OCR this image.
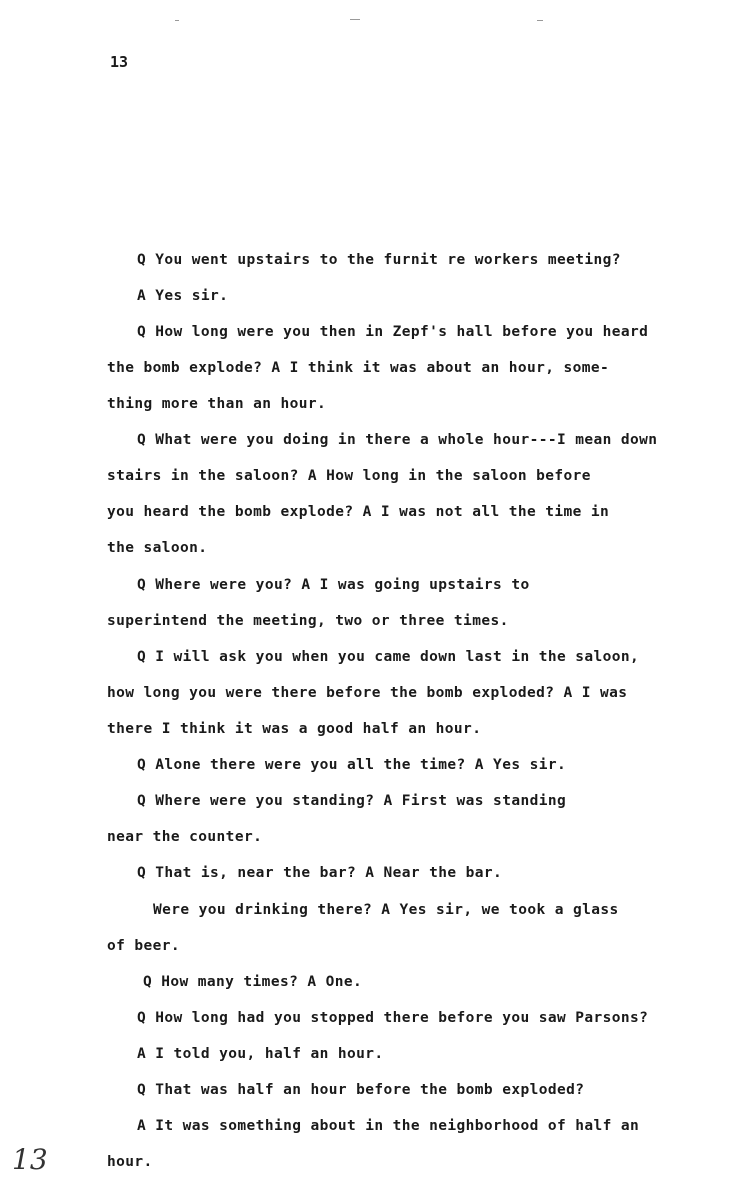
13
Q You went upstairs to the furnit re workers meeting?
A Yes sir.
Q How long were you then in Zepf's hall before you heard
the bomb explode? A I think it was about an hour, some-
thing more than an hour.
Q What were you doing in there a whole hour---I mean down
stairs in the saloon? A How long in the saloon before
you heard the bomb explode? A I was not all the time in
the saloon.
Q Where were you? A I was going upstairs to
superintend the meeting, two or three times.
Q I will ask you when you came down last in the saloon,
how long you were there before the bomb exploded? A I was
there I think it was a good half an hour.
Q Alone there were you all the time? A Yes sir.
Q Where were you standing? A First was standing
near the counter.
Q That is, near the bar? A Near the bar.
Were you drinking there? A Yes sir, we took a glass
of beer.
Q How many times? A One.
Q How long had you stopped there before you saw Parsons?
A I told you, half an hour.
Q That was half an hour before the bomb exploded?
A It was something about in the neighborhood of half an
hour.
13
